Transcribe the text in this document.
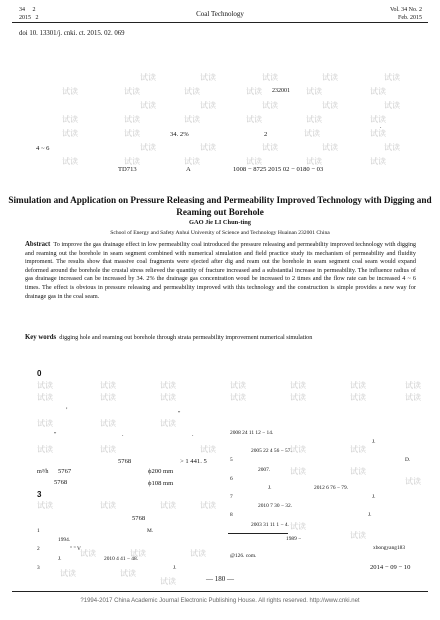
试读	试读	试读	试读	试读
试读	试读	试读	试读	试读	试读
试读	试读	试读	试读	试读
试读	试读	试读	试读	试读	试读
试读	试读	试读	试读
试读	试读	试读	试读	试读
试读	试读	试读	试读	试读	试读
试读	试读	试读	试读	试读	试读	试读
试读	试读	试读	试读	试读	试读	试读
试读	试读	试读
试读	试读	试读	试读	试读
试读	试读	试读	试读
试读	试读
试读
试读
试读
试读	试读	试读
试读	试读
试读
34 2
2015 2	Coal Technology	Vol. 34 No. 2
Feb. 2015
doi 10. 13301/j. cnki. ct. 2015. 02. 069
232001
.
34. 2%	2
4 ~ 6
TD713	A	1008 − 8725 2015 02 − 0180 − 03
Simulation and Application on Pressure Releasing and Permeability Improved Technology with Digging and Reaming out Borehole
GAO Jie LI Chun-ting
School of Energy and Safety Anhui University of Science and Technology Huainan 232001 China
Abstract To improve the gas drainage effect in low permeability coal introduced the pressure releasing and permeability improved technology with digging and reaming out the borehole in seam segment combined with numerical simulation and field practice study its mechanism of permeability and fluidity improment. The results show that massive coal fragments were ejected after dig and ream out the borehole in seam segment coal seam would expand deformed around the borehole the crustal stress relieved the quantity of fracture increased and a substantial increase in permeability. The influence radius of gas drainage increased can be increased by 34. 2% the drainage gas concentration woud be increased to 2 times and the flow rate can be increased 4 ~ 6 times. The effect is obvious in pressure releasing and permeability improved with this technology and the construction is simple provides a new way for drainage gas in the coal seam.
Key words digging hole and reaming out borehole through strata permeability improvement numerical simulation
0
,
"
"	.	.
5768	> 1 441. 5
m³/h 5767	ϕ200 mm
5768	ϕ108 mm
3
5768
1	M.
1994.
2	" " V
J.	2010 4 41 − 48.
3	J.
2008 24 11 12 − 14.
J.
2005 22 4 56 − 57.
5	D.
2007.
6
J.	2012 6 76 − 79.
7	J.
2010 7 30 − 32.
8	J.
2003 31 11 1 − 4.
1989 −
xbongyang183
@126. com.
2014 − 09 − 10
— 180 —
?1994-2017 China Academic Journal Electronic Publishing House. All rights reserved. http://www.cnki.net
